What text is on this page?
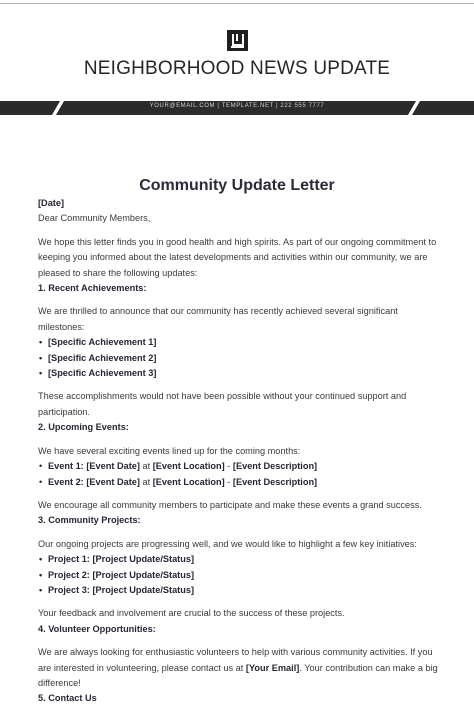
NEIGHBORHOOD NEWS UPDATE
YOUR@EMAIL.COM | TEMPLATE.NET | 222 555 7777
Community Update Letter

[Date]

Dear Community Members,

We hope this letter finds you in good health and high spirits. As part of our ongoing commitment to keeping you informed about the latest developments and activities within our community, we are pleased to share the following updates:

1. Recent Achievements:

We are thrilled to announce that our community has recently achieved several significant milestones:

• [Specific Achievement 1]
• [Specific Achievement 2]
• [Specific Achievement 3]

These accomplishments would not have been possible without your continued support and participation.

2. Upcoming Events:

We have several exciting events lined up for the coming months:

• Event 1: [Event Date] at [Event Location] - [Event Description]
• Event 2: [Event Date] at [Event Location] - [Event Description]

We encourage all community members to participate and make these events a grand success.

3. Community Projects:

Our ongoing projects are progressing well, and we would like to highlight a few key initiatives:

• Project 1: [Project Update/Status]
• Project 2: [Project Update/Status]
• Project 3: [Project Update/Status]

Your feedback and involvement are crucial to the success of these projects.

4. Volunteer Opportunities:

We are always looking for enthusiastic volunteers to help with various community activities. If you are interested in volunteering, please contact us at [Your Email]. Your contribution can make a big difference!

5. Contact Us
